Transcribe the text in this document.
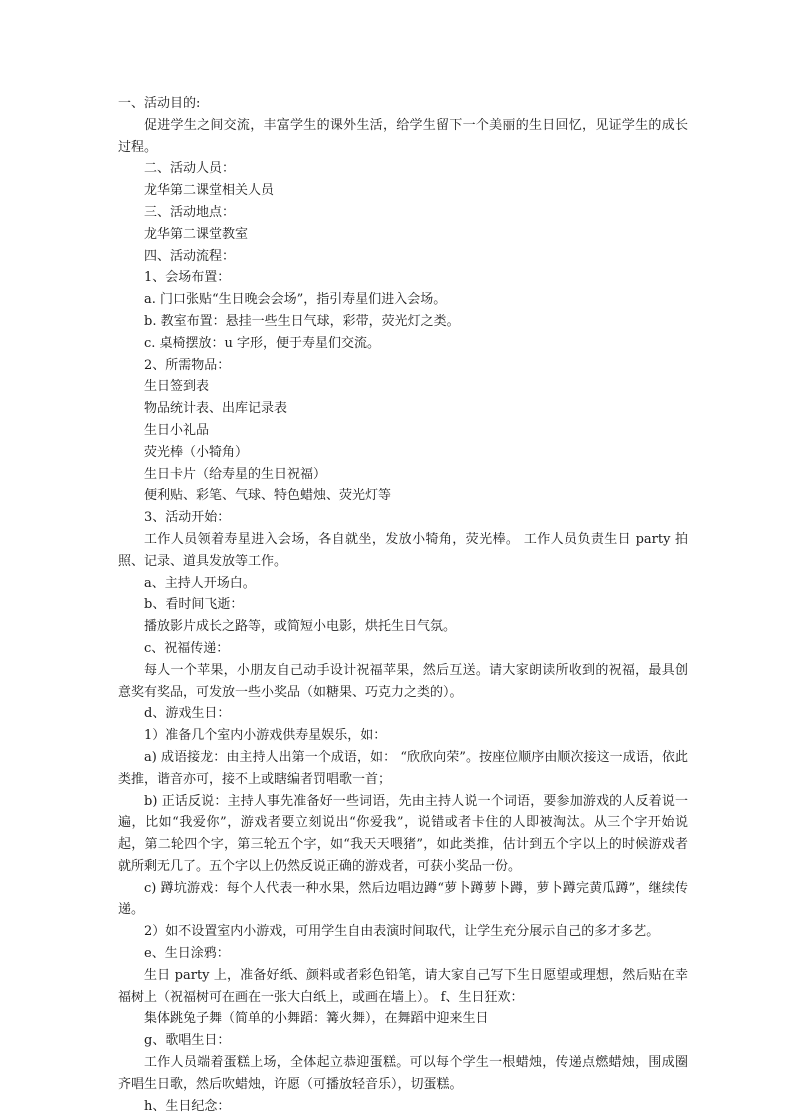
一、活动目的:

促进学生之间交流，丰富学生的课外生活，给学生留下一个美丽的生日回忆，见证学生的成长过程。

二、活动人员：

龙华第二课堂相关人员

三、活动地点：

龙华第二课堂教室

四、活动流程：

1、会场布置：

a. 门口张贴“生日晚会会场”，指引寿星们进入会场。

b. 教室布置：悬挂一些生日气球，彩带，荧光灯之类。

c. 桌椅摆放：u 字形，便于寿星们交流。

2、所需物品：

生日签到表

物品统计表、出库记录表

生日小礼品

荧光棒（小犄角）

生日卡片（给寿星的生日祝福）

便利贴、彩笔、气球、特色蜡烛、荧光灯等

3、活动开始：

工作人员领着寿星进入会场，各自就坐，发放小犄角，荧光棒。 工作人员负责生日 party 拍照、记录、道具发放等工作。

a、主持人开场白。

b、看时间飞逝：

播放影片成长之路等，或简短小电影，烘托生日气氛。

c、祝福传递：

每人一个苹果，小朋友自己动手设计祝福苹果，然后互送。请大家朗读所收到的祝福，最具创意奖有奖品，可发放一些小奖品（如糖果、巧克力之类的）。

d、游戏生日：

1）准备几个室内小游戏供寿星娱乐，如：

a) 成语接龙：由主持人出第一个成语，如： “欣欣向荣”。按座位顺序由顺次接这一成语，依此类推，谐音亦可，接不上或瞎编者罚唱歌一首；

b) 正话反说：主持人事先准备好一些词语，先由主持人说一个词语，要参加游戏的人反着说一遍，比如“我爱你”，游戏者要立刻说出“你爱我”，说错或者卡住的人即被淘汰。从三个字开始说起，第二轮四个字，第三轮五个字，如“我天天喂猪”，如此类推，估计到五个字以上的时候游戏者就所剩无几了。五个字以上仍然反说正确的游戏者，可获小奖品一份。

c) 蹲坑游戏：每个人代表一种水果，然后边唱边蹲“萝卜蹲萝卜蹲，萝卜蹲完黄瓜蹲”，继续传递。

2）如不设置室内小游戏，可用学生自由表演时间取代，让学生充分展示自己的多才多艺。

e、生日涂鸦：

生日 party 上，准备好纸、颜料或者彩色铅笔，请大家自己写下生日愿望或理想，然后贴在幸福树上（祝福树可在画在一张大白纸上，或画在墙上）。 f、生日狂欢：

集体跳兔子舞（简单的小舞蹈：篝火舞），在舞蹈中迎来生日

g、歌唱生日：

工作人员端着蛋糕上场，全体起立恭迎蛋糕。可以每个学生一根蜡烛，传递点燃蜡烛，围成圈齐唱生日歌，然后吹蜡烛，许愿（可播放轻音乐），切蛋糕。

h、生日纪念：
